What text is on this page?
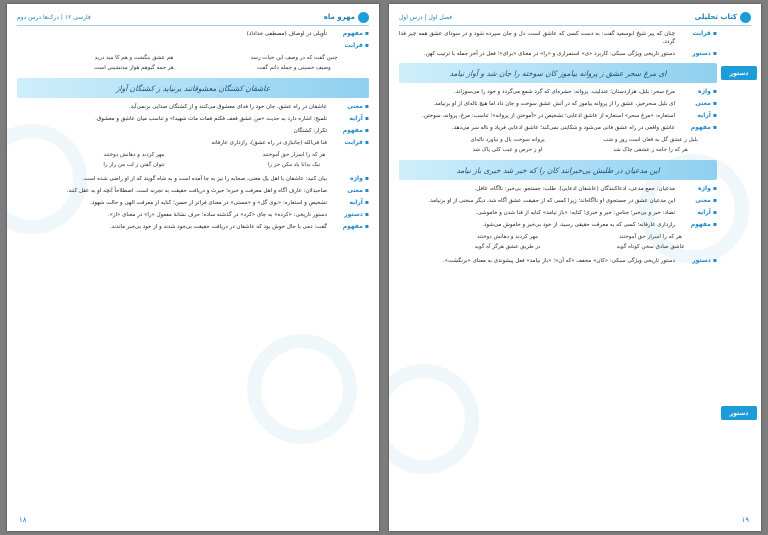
مهرو ماه
فارسی ۱۲ | درک‌ها درس دوم
▪ مفهوم
تأویلی در اوصاف (مصطفی خداداد)
▪ قرابت
چنین گفت که در وصف این حیات رسد
هم عشق بنگشت و هم کا مید درید
وصیف حسینی و جمله ذاتم گفت
هر جمه گیوهم هوار مدنشینی است
عاشقان کشتگان معشوقانند برنیاید ز کشتگان آواز
▪ معنی
عاشقان در راه عشق، جان خود را فدای معشوق می‌کنند و از کشتگان صدایی برنمی‌آید.
▪ آرایه
تلمیح: اشاره دارد به حدیث «من عشق فعف فکتم فمات مات شهیدا» و تناسب میان عاشق و معشوق.
▪ مفهوم
تکرار: کشتگان
▪ قرابت
فنا فی‌الله (جانبازی در راه عشق)، رازداری عارفانه
هر که را اسرار حق آموختند
مهر کردند و دهانش دوختند
نیک بدانا یاد مکن جز را
نتوان گفتن ز لب من راز را
▪ واژه
بیان کنید: عاشقان با اهل یک معنی، صحابه را نیز به جا آمده است و به شاه گویند که از او راضی شده است.
▪ معنی
صاحبدلان: عارف آگاه و اهل معرفت و خبره؛ حیرت و دریافت حقیقت به تجربه است. اصطلاحاً آنچه او به عقل کنند.
▪ آرایه
تشخیص و استعاره: «بوی گل» و «مستی» در معنای فراتر از حسن؛ کنایه از معرفت الهی و حالت شهود.
▪ دستور
دستور تاریخی: «کرده» به جای «کرد» در گذشته ساده؛ حرف نشانهٔ مفعول «را» در معنای «از».
▪ مفهوم
گفت: دمی با حال خوش بود که عاشقان در دریافت حقیقت بی‌خود شدند و از خود بی‌خبر ماندند.
۱۸
کتاب تحلیلی
فصل اول | درس اول
دستور
▪ قرابت
چنان که پیر شیخ ابوسعید گفت: به دست کسی که عاشق است، دل و جان سپرده شود و در سودای عشق همه چیز فدا گردد.
▪ دستور
دستور تاریخی ویژگی سبکی: کاربرد «ی» استمراری و «را» در معنای «برای»؛ فعل در آخر جمله با ترتیب کهن.
ای مرغ سحر عشق ز پروانه بیاموز کان سوخته را جان شد و آواز نیامد
▪ واژه
مرغ سحر: بلبل، هزاردستان؛ عندلیب. پروانه: حشره‌ای که گرد شمع می‌گردد و خود را می‌سوزاند.
▪ معنی
ای بلبل سحرخیز، عشق را از پروانه بیاموز که در آتش عشق سوخت و جان داد اما هیچ ناله‌ای از او برنیامد.
▪ آرایه
استعاره: «مرغ سحر» استعاره از عاشق ادعایی؛ تشخیص در «آموختن از پروانه»؛ تناسب: مرغ، پروانه، سوختن.
▪ مفهوم
عاشق واقعی در راه عشق فانی می‌شود و شکایتی نمی‌کند؛ عاشق ادعایی فریاد و ناله سر می‌دهد.
بلبل ز عشق گل به فغان است روز و شب
پروانه سوخت بال و نیاورد ناله‌ای
هر که را جامه ز عشقی چاک شد
او ز حرص و عیب کلی پاک شد
این مدعیان در طلبش بی‌خبرانند کان را که خبر شد خبری باز نیامد
▪ واژه
مدعیان: جمع مدعی، ادعاکنندگان (عاشقان ادعایی). طلب: جستجو. بی‌خبر: ناآگاه، غافل.
▪ معنی
این مدعیان عشق در جستجوی او ناآگاه‌اند؛ زیرا کسی که از حقیقت عشق آگاه شد، دیگر سخنی از او برنیامد.
▪ آرایه
تضاد: خبر و بی‌خبر؛ جناس: خبر و خبری؛ کنایه: «باز نیامد» کنایه از فنا شدن و خاموشی.
▪ مفهوم
رازداری عارفانه؛ کسی که به معرفت حقیقی رسید، از خود بی‌خبر و خاموش می‌شود.
هر که را اسرار حق آموختند
مهر کردند و دهانش دوختند
عاشق صادق سخن کوتاه گوید
در طریق عشق هرگز آه گوید
▪ دستور
دستور تاریخی ویژگی سبکی: «کان» مخفف «که آن»؛ «باز نیامد» فعل پیشوندی به معنای «برنگشت».
دستور
۱۹
